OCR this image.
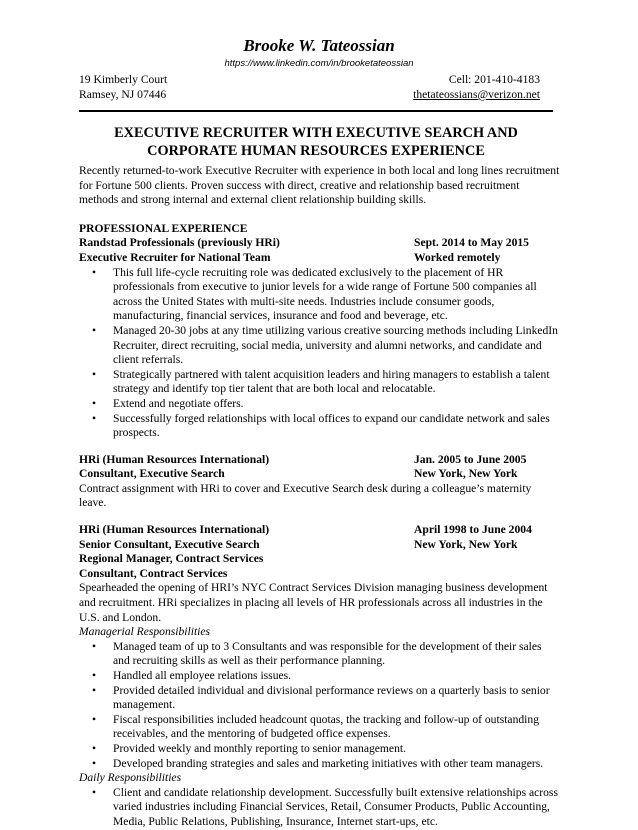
Brooke W. Tateossian
https://www.linkedin.com/in/brooketateossian
19 Kimberly Court
Ramsey, NJ 07446
Cell: 201-410-4183
thetateossians@verizon.net
EXECUTIVE RECRUITER WITH EXECUTIVE SEARCH AND
CORPORATE HUMAN RESOURCES EXPERIENCE
Recently returned-to-work Executive Recruiter with experience in both local and long lines recruitment for Fortune 500 clients. Proven success with direct, creative and relationship based recruitment methods and strong internal and external client relationship building skills.
PROFESSIONAL EXPERIENCE
Randstad Professionals (previously HRi)	Sept. 2014 to May 2015
Executive Recruiter for National Team	Worked remotely
• This full life-cycle recruiting role was dedicated exclusively to the placement of HR professionals from executive to junior levels for a wide range of Fortune 500 companies all across the United States with multi-site needs. Industries include consumer goods, manufacturing, financial services, insurance and food and beverage, etc.
• Managed 20-30 jobs at any time utilizing various creative sourcing methods including LinkedIn Recruiter, direct recruiting, social media, university and alumni networks, and candidate and client referrals.
• Strategically partnered with talent acquisition leaders and hiring managers to establish a talent strategy and identify top tier talent that are both local and relocatable.
• Extend and negotiate offers.
• Successfully forged relationships with local offices to expand our candidate network and sales prospects.
HRi (Human Resources International)	Jan. 2005 to June 2005
Consultant, Executive Search	New York, New York
Contract assignment with HRi to cover and Executive Search desk during a colleague’s maternity leave.
HRi (Human Resources International)	April 1998 to June 2004
Senior Consultant, Executive Search	New York, New York
Regional Manager, Contract Services
Consultant, Contract Services
Spearheaded the opening of HRI’s NYC Contract Services Division managing business development and recruitment. HRi specializes in placing all levels of HR professionals across all industries in the U.S. and London.
Managerial Responsibilities
• Managed team of up to 3 Consultants and was responsible for the development of their sales and recruiting skills as well as their performance planning.
• Handled all employee relations issues.
• Provided detailed individual and divisional performance reviews on a quarterly basis to senior management.
• Fiscal responsibilities included headcount quotas, the tracking and follow-up of outstanding receivables, and the mentoring of budgeted office expenses.
• Provided weekly and monthly reporting to senior management.
• Developed branding strategies and sales and marketing initiatives with other team managers.
Daily Responsibilities
• Client and candidate relationship development. Successfully built extensive relationships across varied industries including Financial Services, Retail, Consumer Products, Public Accounting, Media, Public Relations, Publishing, Insurance, Internet start-ups, etc.
